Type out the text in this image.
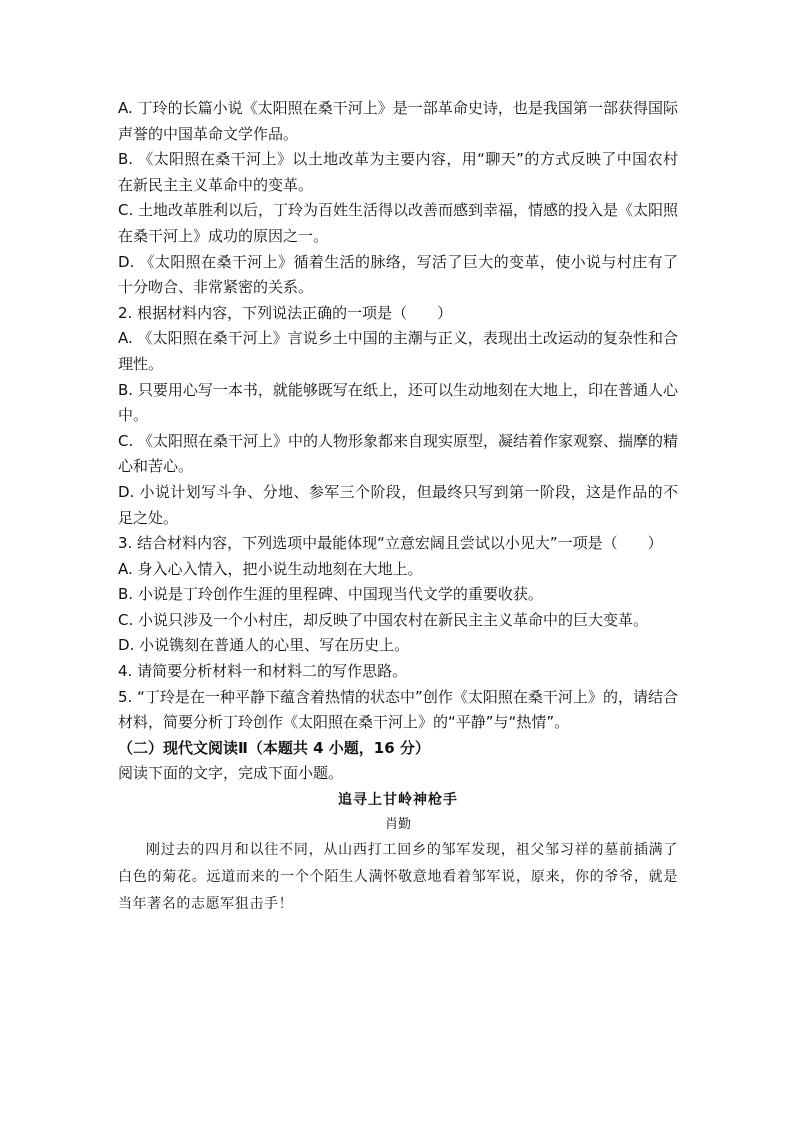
A. 丁玲的长篇小说《太阳照在桑干河上》是一部革命史诗，也是我国第一部获得国际声誉的中国革命文学作品。

B. 《太阳照在桑干河上》以土地改革为主要内容，用“聊天”的方式反映了中国农村在新民主主义革命中的变革。

C. 土地改革胜利以后，丁玲为百姓生活得以改善而感到幸福，情感的投入是《太阳照在桑干河上》成功的原因之一。

D. 《太阳照在桑干河上》循着生活的脉络，写活了巨大的变革，使小说与村庄有了十分吻合、非常紧密的关系。

2. 根据材料内容，下列说法正确的一项是（　　）

A. 《太阳照在桑干河上》言说乡土中国的主潮与正义，表现出土改运动的复杂性和合理性。

B. 只要用心写一本书，就能够既写在纸上，还可以生动地刻在大地上，印在普通人心中。

C. 《太阳照在桑干河上》中的人物形象都来自现实原型，凝结着作家观察、揣摩的精心和苦心。

D. 小说计划写斗争、分地、参军三个阶段，但最终只写到第一阶段，这是作品的不足之处。

3. 结合材料内容，下列选项中最能体现“立意宏阔且尝试以小见大”一项是（　　）

A. 身入心入情入，把小说生动地刻在大地上。

B. 小说是丁玲创作生涯的里程碑、中国现当代文学的重要收获。

C. 小说只涉及一个小村庄，却反映了中国农村在新民主主义革命中的巨大变革。

D. 小说镌刻在普通人的心里、写在历史上。

4. 请简要分析材料一和材料二的写作思路。

5. “丁玲是在一种平静下蕴含着热情的状态中”创作《太阳照在桑干河上》的，请结合材料，简要分析丁玲创作《太阳照在桑干河上》的“平静”与“热情”。

（二）现代文阅读Ⅱ（本题共 4 小题，16 分）

阅读下面的文字，完成下面小题。

追寻上甘岭神枪手

肖勤

刚过去的四月和以往不同，从山西打工回乡的邹军发现，祖父邹习祥的墓前插满了白色的菊花。远道而来的一个个陌生人满怀敬意地看着邹军说，原来，你的爷爷，就是当年著名的志愿军狙击手！
